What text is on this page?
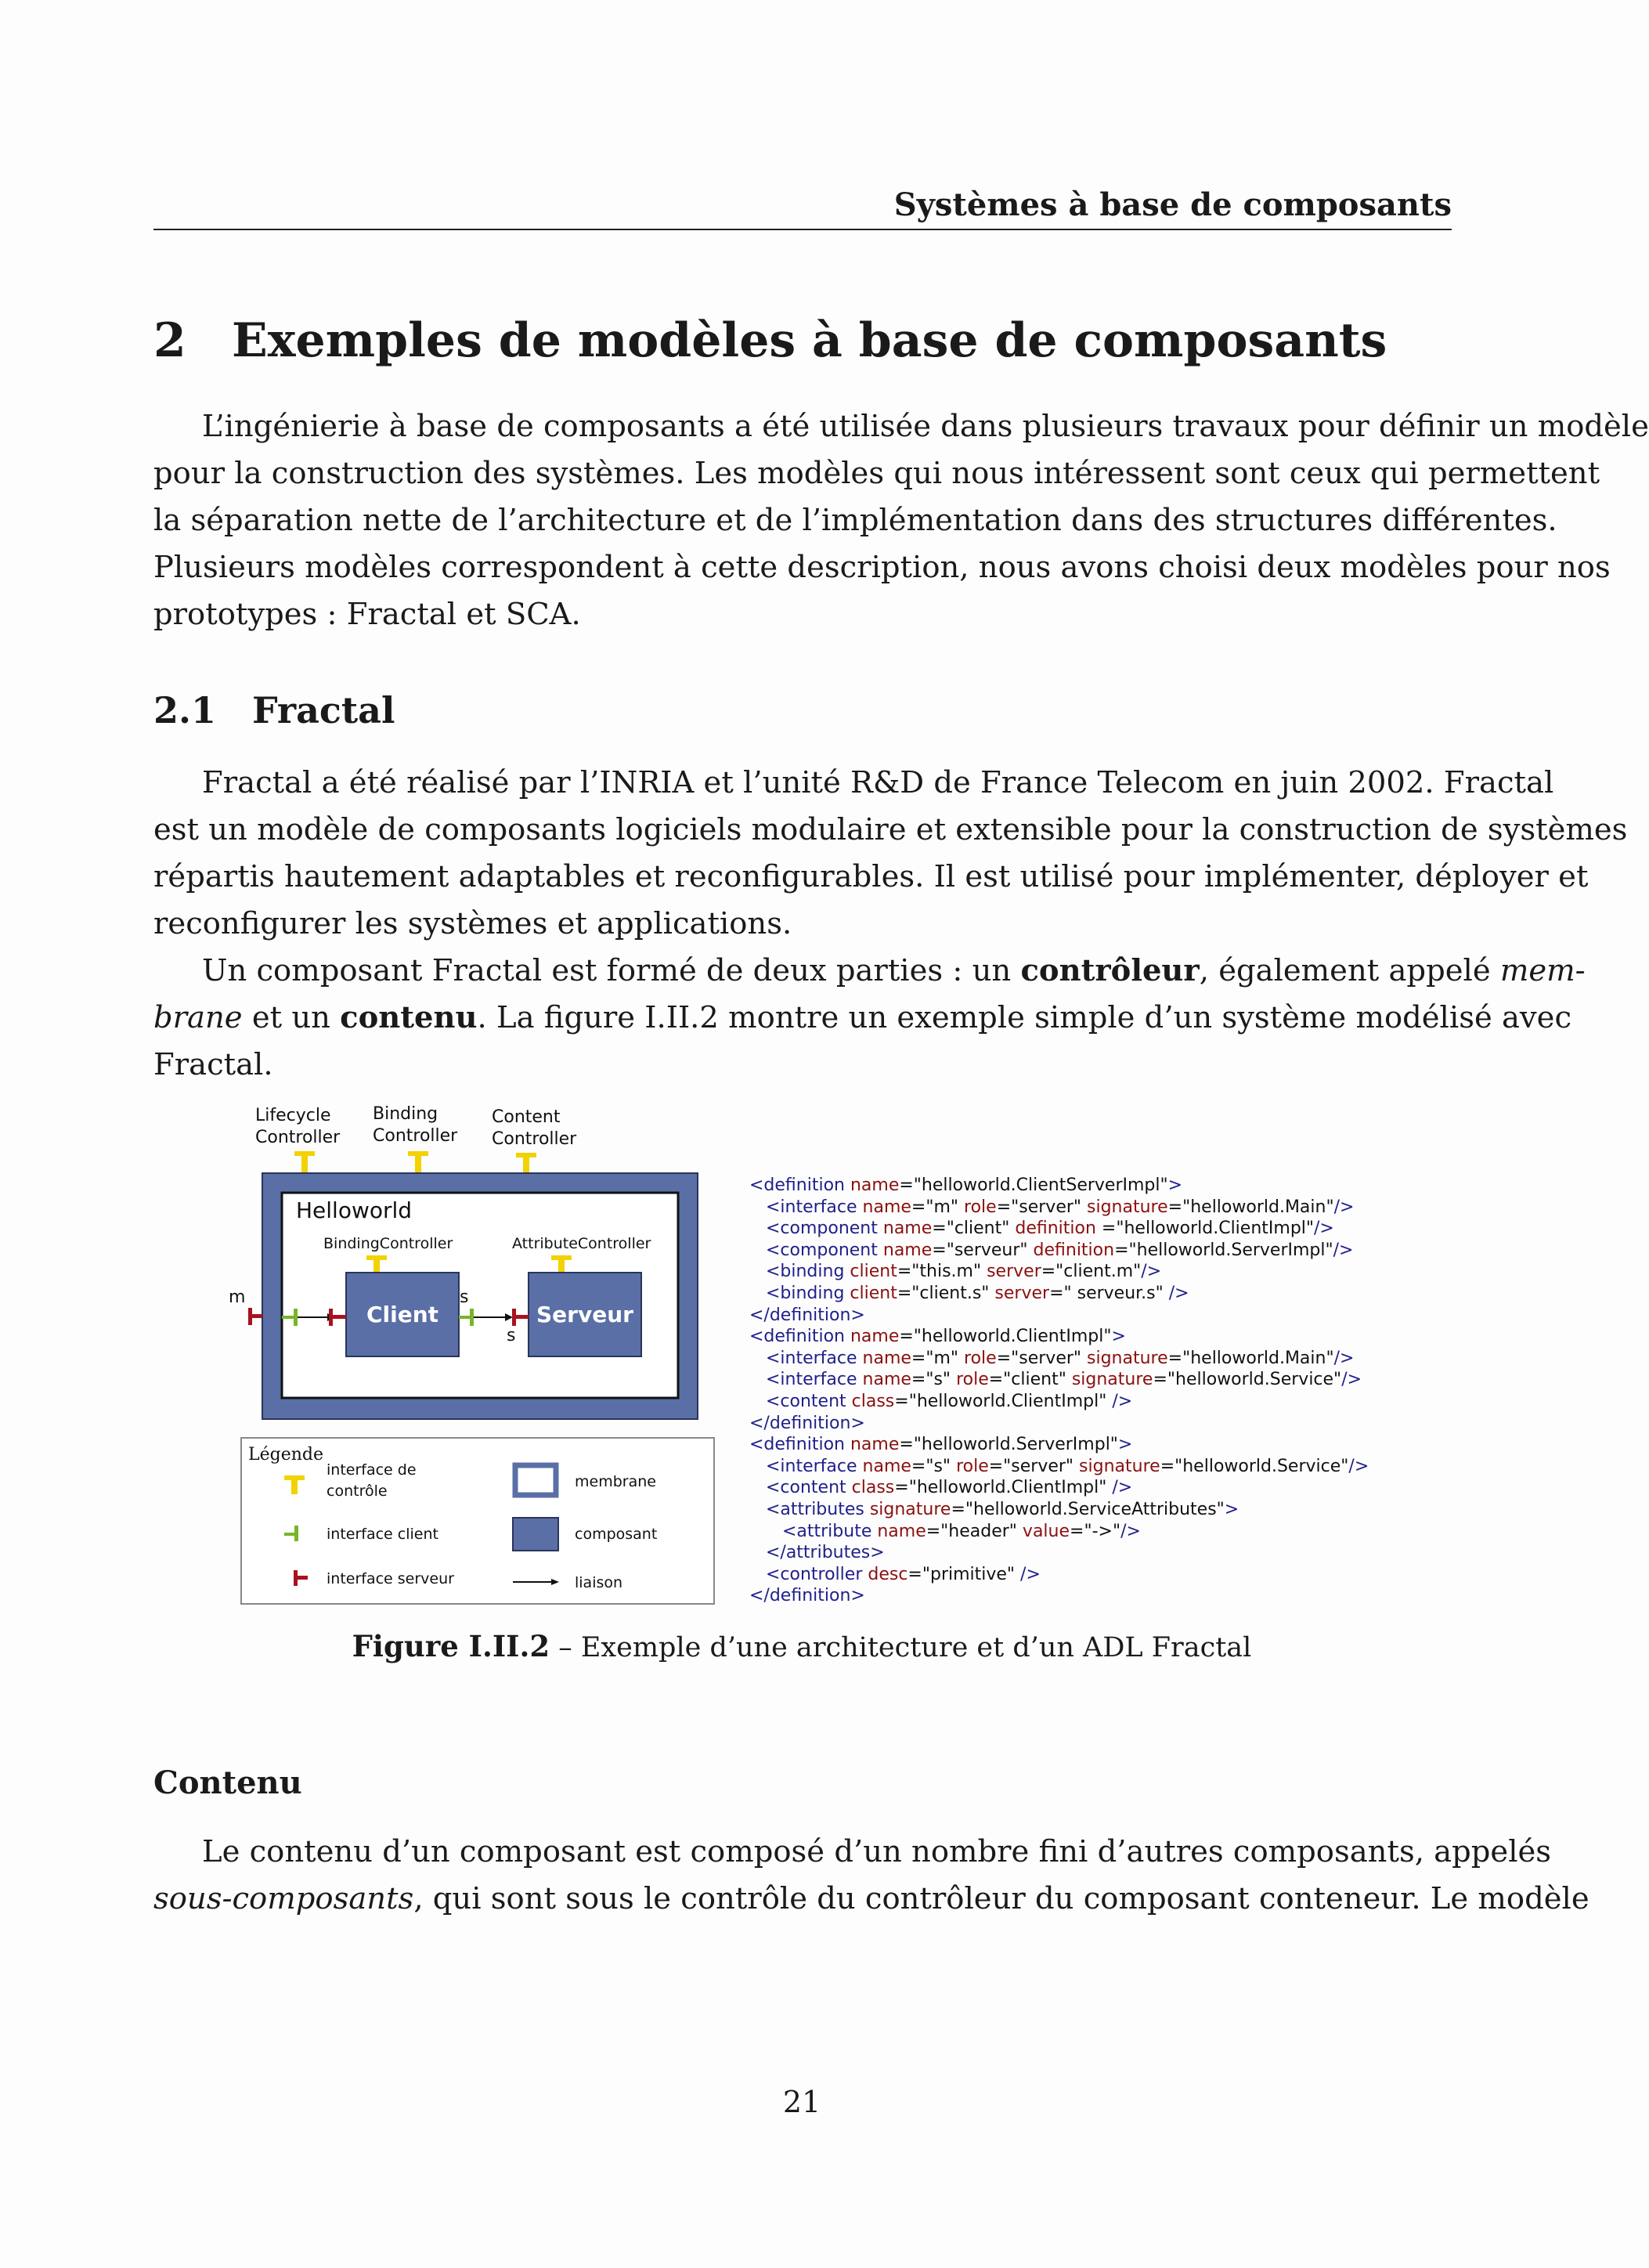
Systèmes à base de composants
2 Exemples de modèles à base de composants
L’ingénierie à base de composants a été utilisée dans plusieurs travaux pour définir un modèle
pour la construction des systèmes. Les modèles qui nous intéressent sont ceux qui permettent
la séparation nette de l’architecture et de l’implémentation dans des structures différentes.
Plusieurs modèles correspondent à cette description, nous avons choisi deux modèles pour nos
prototypes : Fractal et SCA.
2.1 Fractal
Fractal a été réalisé par l’INRIA et l’unité R&D de France Telecom en juin 2002. Fractal
est un modèle de composants logiciels modulaire et extensible pour la construction de systèmes
répartis hautement adaptables et reconfigurables. Il est utilisé pour implémenter, déployer et
reconfigurer les systèmes et applications.
Un composant Fractal est formé de deux parties : un contrôleur, également appelé mem-
brane et un contenu. La figure I.II.2 montre un exemple simple d’un système modélisé avec
Fractal.
Lifecycle Controller
Binding Controller
Content Controller
Helloworld
BindingController	AttributeController
Client	Serveur
m	s
s
Légende
interface de contrôle
interface client
interface serveur
membrane
composant
liaison
<definition name="helloworld.ClientServerImpl">
<interface name="m" role="server" signature="helloworld.Main"/>
<component name="client" definition ="helloworld.ClientImpl"/>
<component name="serveur" definition="helloworld.ServerImpl"/>
<binding client="this.m" server="client.m"/>
<binding client="client.s" server=" serveur.s" />
</definition>
<definition name="helloworld.ClientImpl">
<interface name="m" role="server" signature="helloworld.Main"/>
<interface name="s" role="client" signature="helloworld.Service"/>
<content class="helloworld.ClientImpl" />
</definition>
<definition name="helloworld.ServerImpl">
<interface name="s" role="server" signature="helloworld.Service"/>
<content class="helloworld.ClientImpl" />
<attributes signature="helloworld.ServiceAttributes">
<attribute name="header" value="->"/>
</attributes>
<controller desc="primitive" />
</definition>
Figure I.II.2 – Exemple d’une architecture et d’un ADL Fractal
Contenu
Le contenu d’un composant est composé d’un nombre fini d’autres composants, appelés
sous-composants, qui sont sous le contrôle du contrôleur du composant conteneur. Le modèle
21
